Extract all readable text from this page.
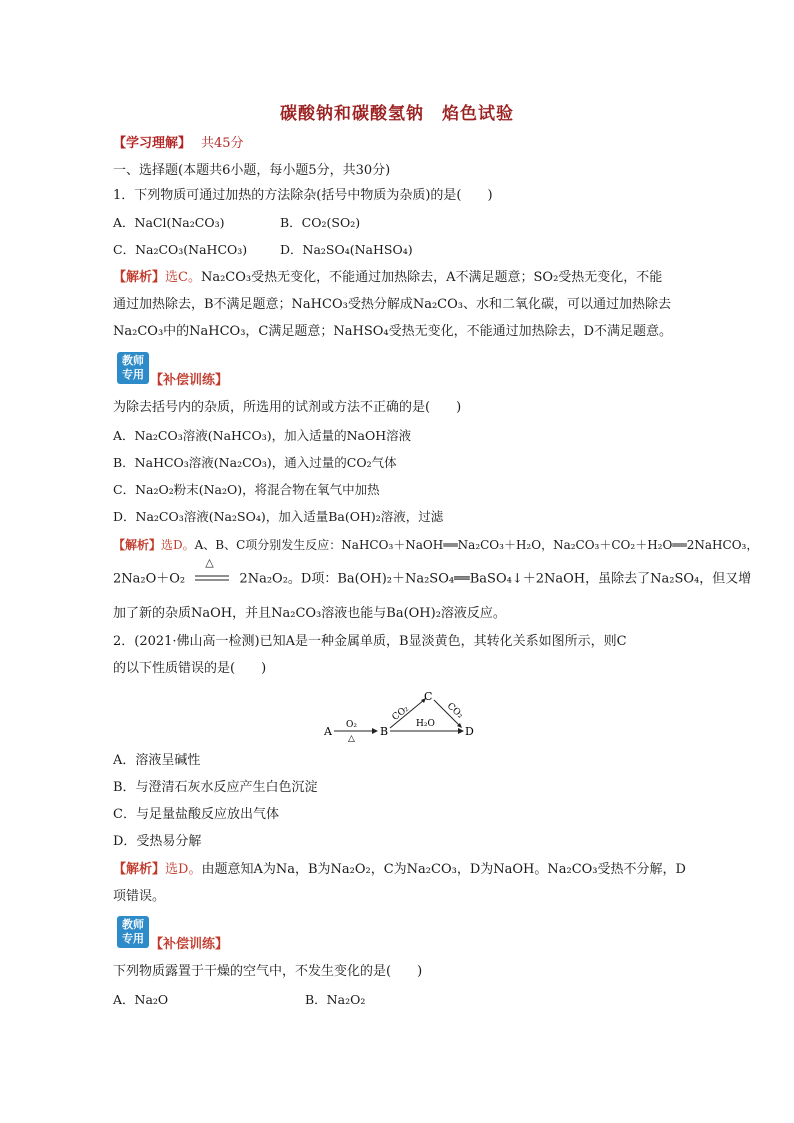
碳酸钠和碳酸氢钠　焰色试验
【学习理解】 共45分
一、选择题(本题共6小题，每小题5分，共30分)
1．下列物质可通过加热的方法除杂(括号中物质为杂质)的是(　　)
A．NaCl(Na₂CO₃)	B．CO₂(SO₂)
C．Na₂CO₃(NaHCO₃)	D．Na₂SO₄(NaHSO₄)
【解析】选C。Na₂CO₃受热无变化，不能通过加热除去，A不满足题意；SO₂受热无变化，不能
通过加热除去，B不满足题意；NaHCO₃受热分解成Na₂CO₃、水和二氧化碳，可以通过加热除去
Na₂CO₃中的NaHCO₃，C满足题意；NaHSO₄受热无变化，不能通过加热除去，D不满足题意。
教师
专用 【补偿训练】
为除去括号内的杂质，所选用的试剂或方法不正确的是(　　)
A．Na₂CO₃溶液(NaHCO₃)，加入适量的NaOH溶液
B．NaHCO₃溶液(Na₂CO₃)，通入过量的CO₂气体
C．Na₂O₂粉末(Na₂O)，将混合物在氧气中加热
D．Na₂CO₃溶液(Na₂SO₄)，加入适量Ba(OH)₂溶液，过滤
【解析】选D。A、B、C项分别发生反应：NaHCO₃＋NaOH══Na₂CO₃＋H₂O，Na₂CO₃＋CO₂＋H₂O══2NaHCO₃，
2Na₂O＋O₂
△
2Na₂O₂。D项：Ba(OH)₂＋Na₂SO₄══BaSO₄↓＋2NaOH，虽除去了Na₂SO₄，但又增
加了新的杂质NaOH，并且Na₂CO₃溶液也能与Ba(OH)₂溶液反应。
2．(2021·佛山高一检测)已知A是一种金属单质，B显淡黄色，其转化关系如图所示，则C
的以下性质错误的是(　　)
A O₂
△
B
C
CO₂	CO₂
H₂O
D
A．溶液呈碱性
B．与澄清石灰水反应产生白色沉淀
C．与足量盐酸反应放出气体
D．受热易分解
【解析】选D。由题意知A为Na，B为Na₂O₂，C为Na₂CO₃，D为NaOH。Na₂CO₃受热不分解，D
项错误。
教师
专用 【补偿训练】
下列物质露置于干燥的空气中，不发生变化的是(　　)
A．Na₂O	B．Na₂O₂
